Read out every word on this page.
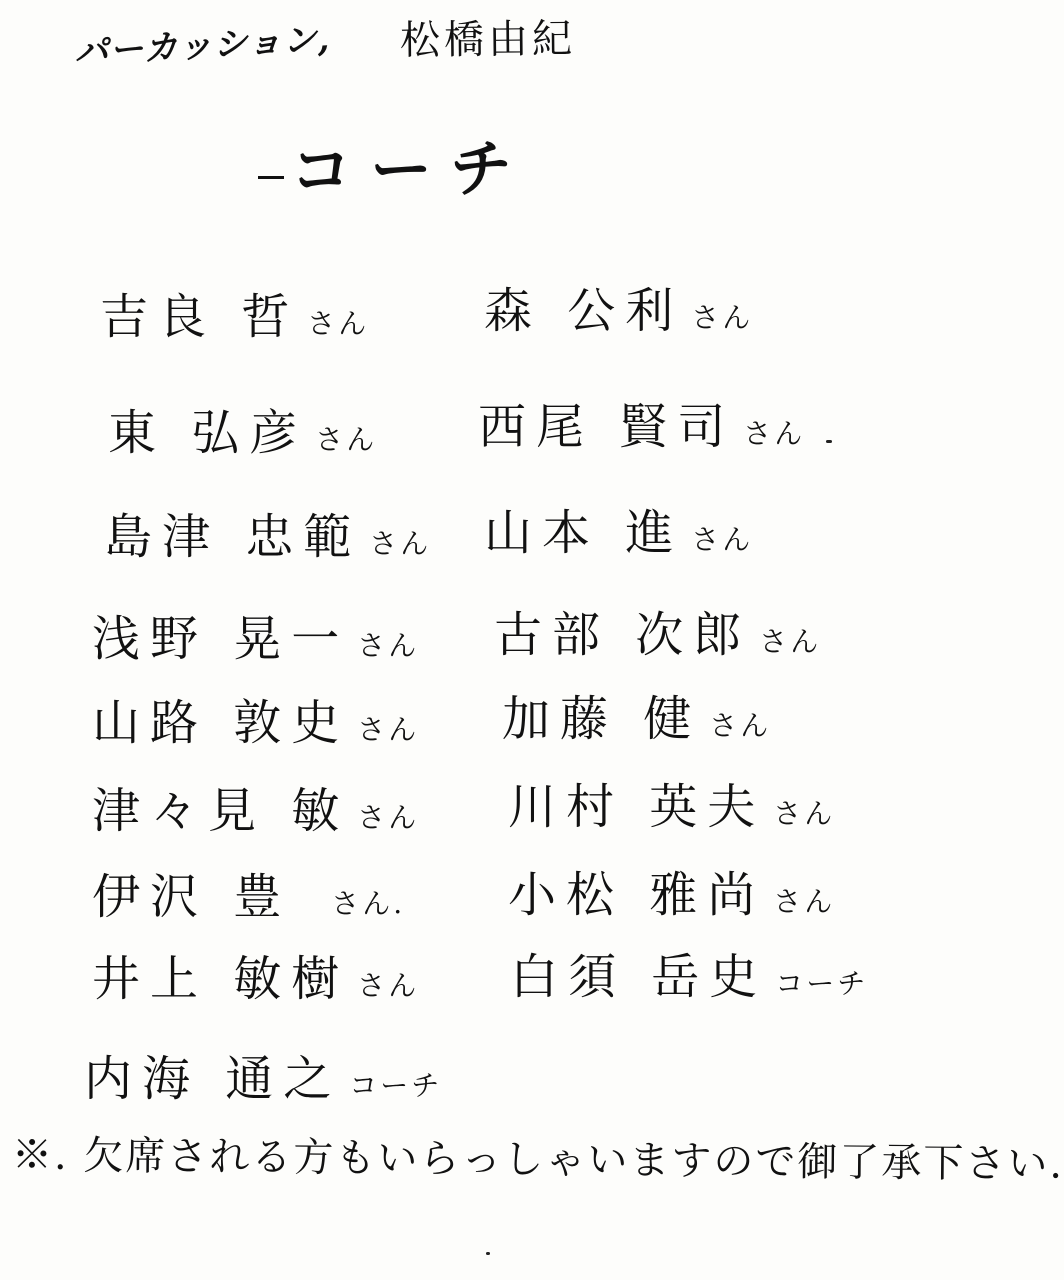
パーカッション, 松橋由紀
コーチ
吉良 哲 さん
東 弘彦 さん
島津 忠範 さん
浅野 晃一 さん
山路 敦史 さん
津々見 敏 さん
伊沢 豊 さん.
井上 敏樹 さん
内海 通之 コーチ
森 公利 さん
西尾 賢司 さん
山本 進 さん
古部 次郎 さん
加藤 健 さん
川村 英夫 さん
小松 雅尚 さん
白須 岳史 コーチ
※. 欠席される方もいらっしゃいますので御了承下さい.
